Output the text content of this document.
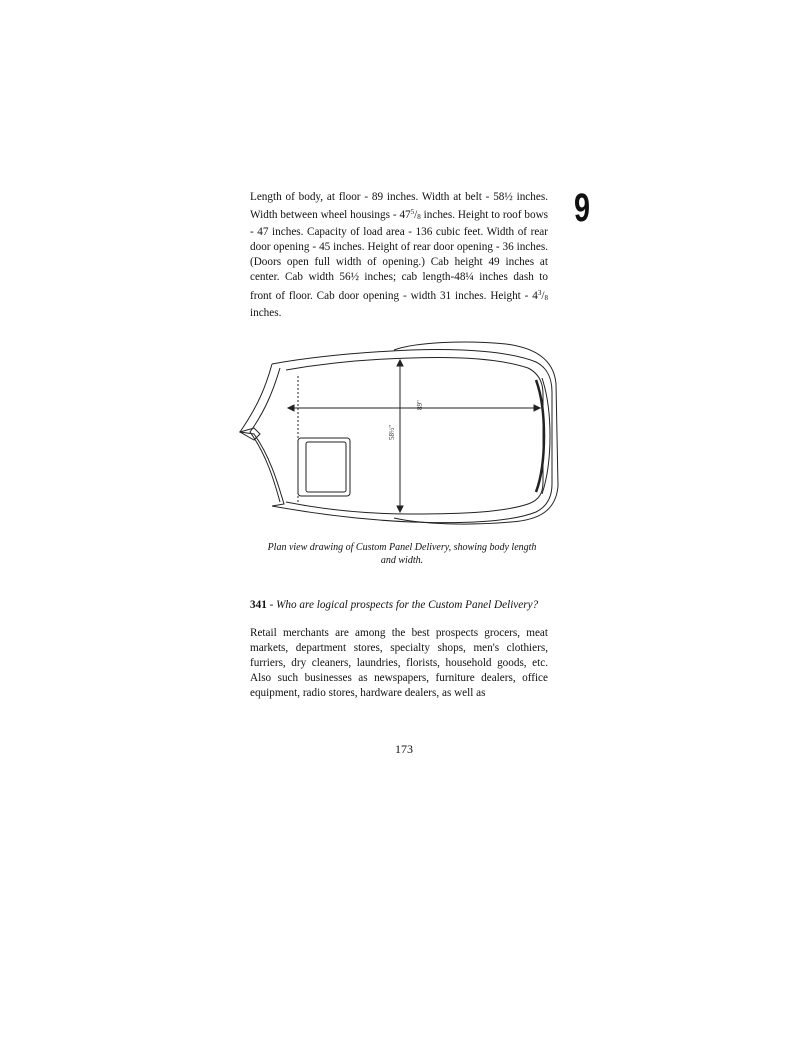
9

Length of body, at floor - 89 inches. Width at belt - 58½ inches. Width between wheel housings - $47^5/_8$ inches. Height to roof bows - 47 inches. Capacity of load area - 136 cubic feet. Width of rear door opening - 45 inches. Height of rear door opening - 36 inches. (Doors open full width of opening.) Cab height 49 inches at center. Cab width 56½ inches; cab length-48¼ inches dash to front of floor. Cab door opening - width 31 inches. Height - $4^3/_8$ inches.

89"
58½"
Plan view drawing of Custom Panel Delivery, showing body length and width.
341 - Who are logical prospects for the Custom Panel Delivery?

Retail merchants are among the best prospects grocers, meat markets, department stores, specialty shops, men's clothiers, furriers, dry cleaners, laundries, florists, household goods, etc. Also such businesses as newspapers, furniture dealers, office equipment, radio stores, hardware dealers, as well as

173
